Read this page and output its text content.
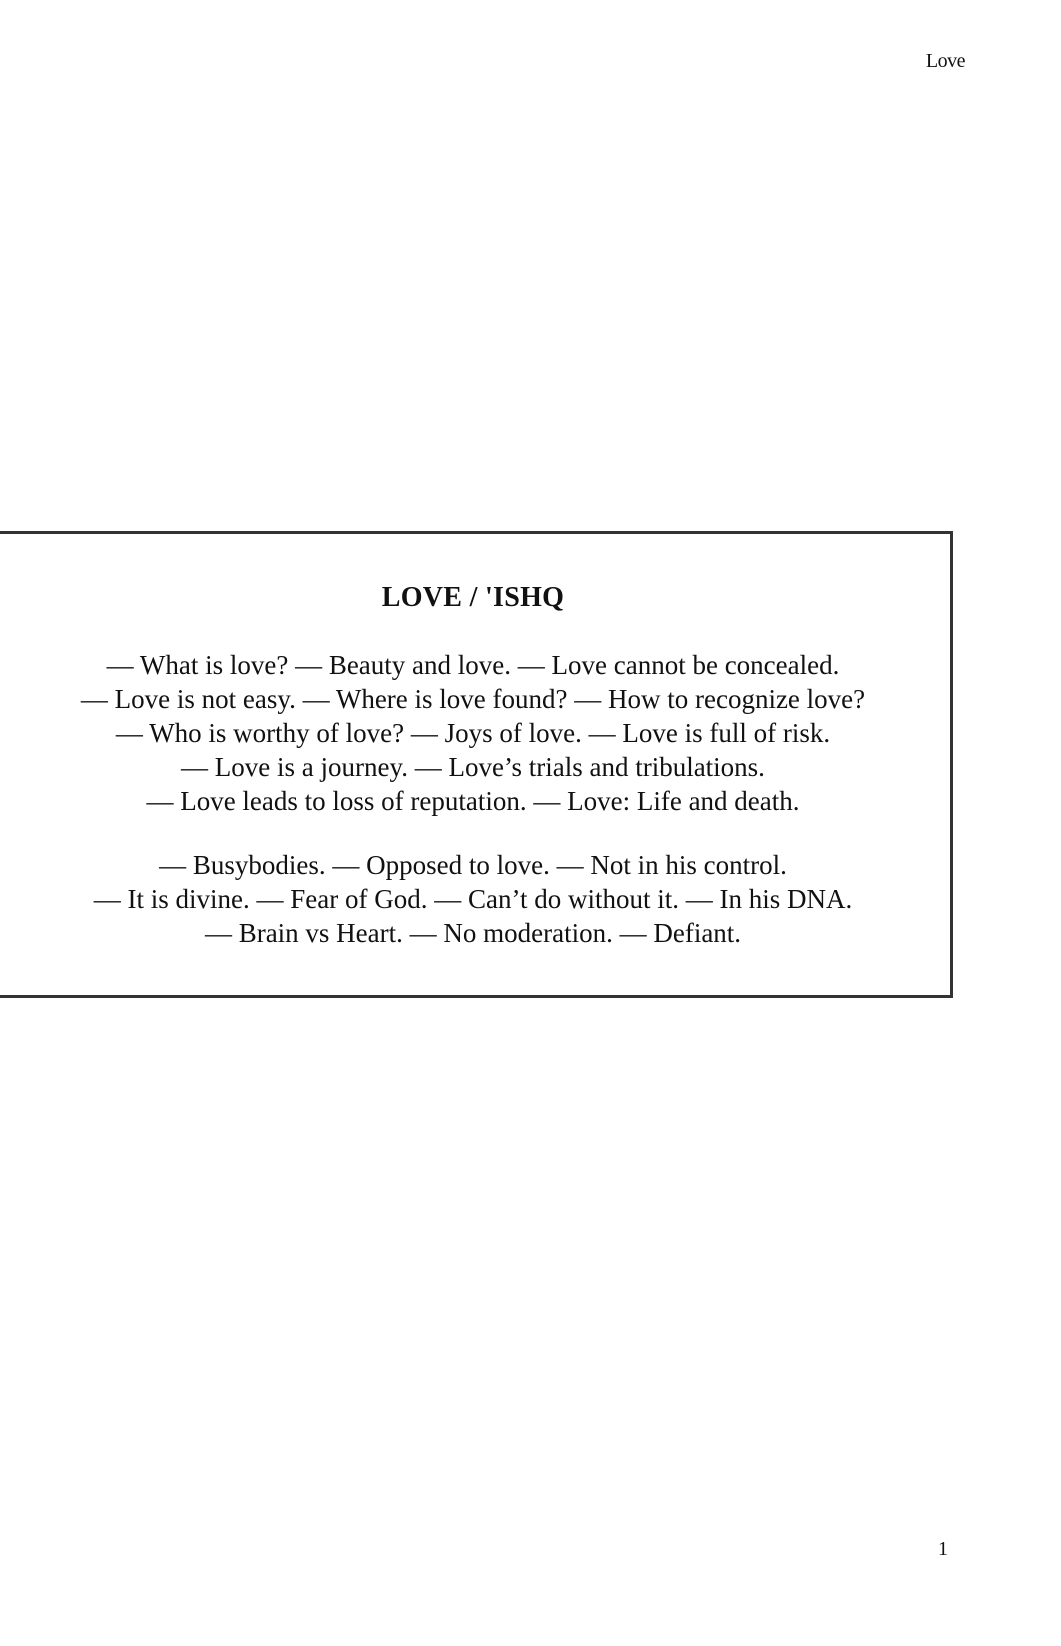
Love
LOVE / 'ISHQ
— What is love? — Beauty and love. — Love cannot be concealed.
— Love is not easy. — Where is love found? — How to recognize love?
— Who is worthy of love? — Joys of love. — Love is full of risk.
— Love is a journey. — Love’s trials and tribulations.
— Love leads to loss of reputation. — Love: Life and death.
— Busybodies. — Opposed to love. — Not in his control.
— It is divine. — Fear of God. — Can’t do without it. — In his DNA.
— Brain vs Heart. — No moderation. — Defiant.
1
